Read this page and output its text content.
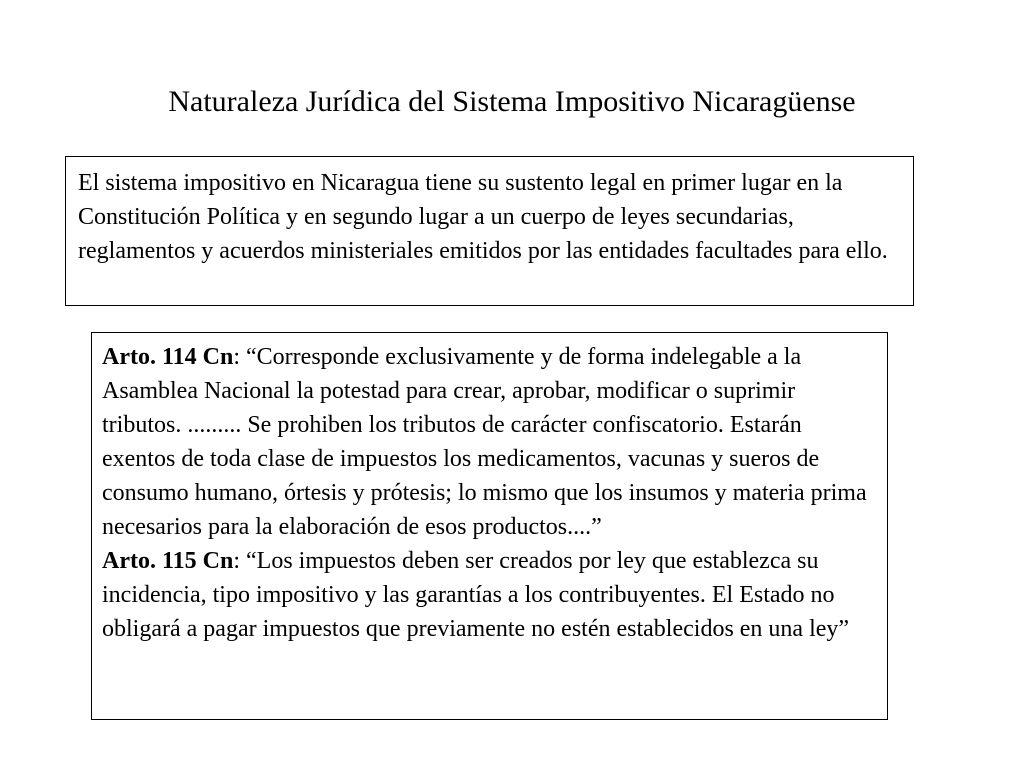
Naturaleza Jurídica del Sistema Impositivo Nicaragüense

El sistema impositivo en Nicaragua tiene su sustento legal en primer lugar en la Constitución Política y en segundo lugar a un cuerpo de leyes secundarias, reglamentos y acuerdos ministeriales emitidos por las entidades facultades para ello.

Arto. 114 Cn: “Corresponde exclusivamente y de forma indelegable a la Asamblea Nacional la potestad para crear, aprobar, modificar o suprimir tributos. ......... Se prohiben los tributos de carácter confiscatorio. Estarán exentos de toda clase de impuestos los medicamentos, vacunas y sueros de consumo humano, órtesis y prótesis; lo mismo que los insumos y materia prima necesarios para la elaboración de esos productos....”

Arto. 115 Cn: “Los impuestos deben ser creados por ley que establezca su incidencia, tipo impositivo y las garantías a los contribuyentes. El Estado no obligará a pagar impuestos que previamente no estén establecidos en una ley”
